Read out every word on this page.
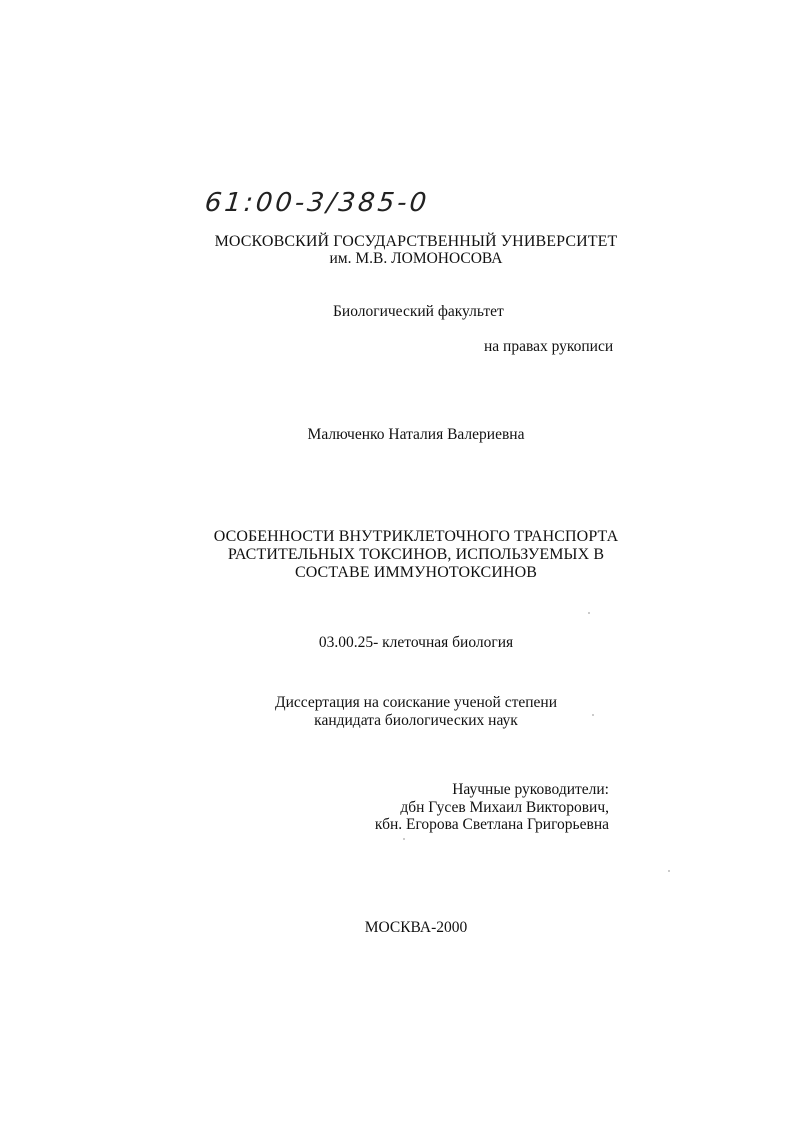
61:00-3/385-0
МОСКОВСКИЙ ГОСУДАРСТВЕННЫЙ УНИВЕРСИТЕТ
им. М.В. ЛОМОНОСОВА
Биологический факультет
на правах рукописи
Малюченко Наталия Валериевна
ОСОБЕННОСТИ ВНУТРИКЛЕТОЧНОГО ТРАНСПОРТА
РАСТИТЕЛЬНЫХ ТОКСИНОВ, ИСПОЛЬЗУЕМЫХ В
СОСТАВЕ ИММУНОТОКСИНОВ
03.00.25- клеточная биология
Диссертация на соискание ученой степени
кандидата биологических наук
Научные руководители:
дбн Гусев Михаил Викторович,
кбн. Егорова Светлана Григорьевна
МОСКВА-2000
